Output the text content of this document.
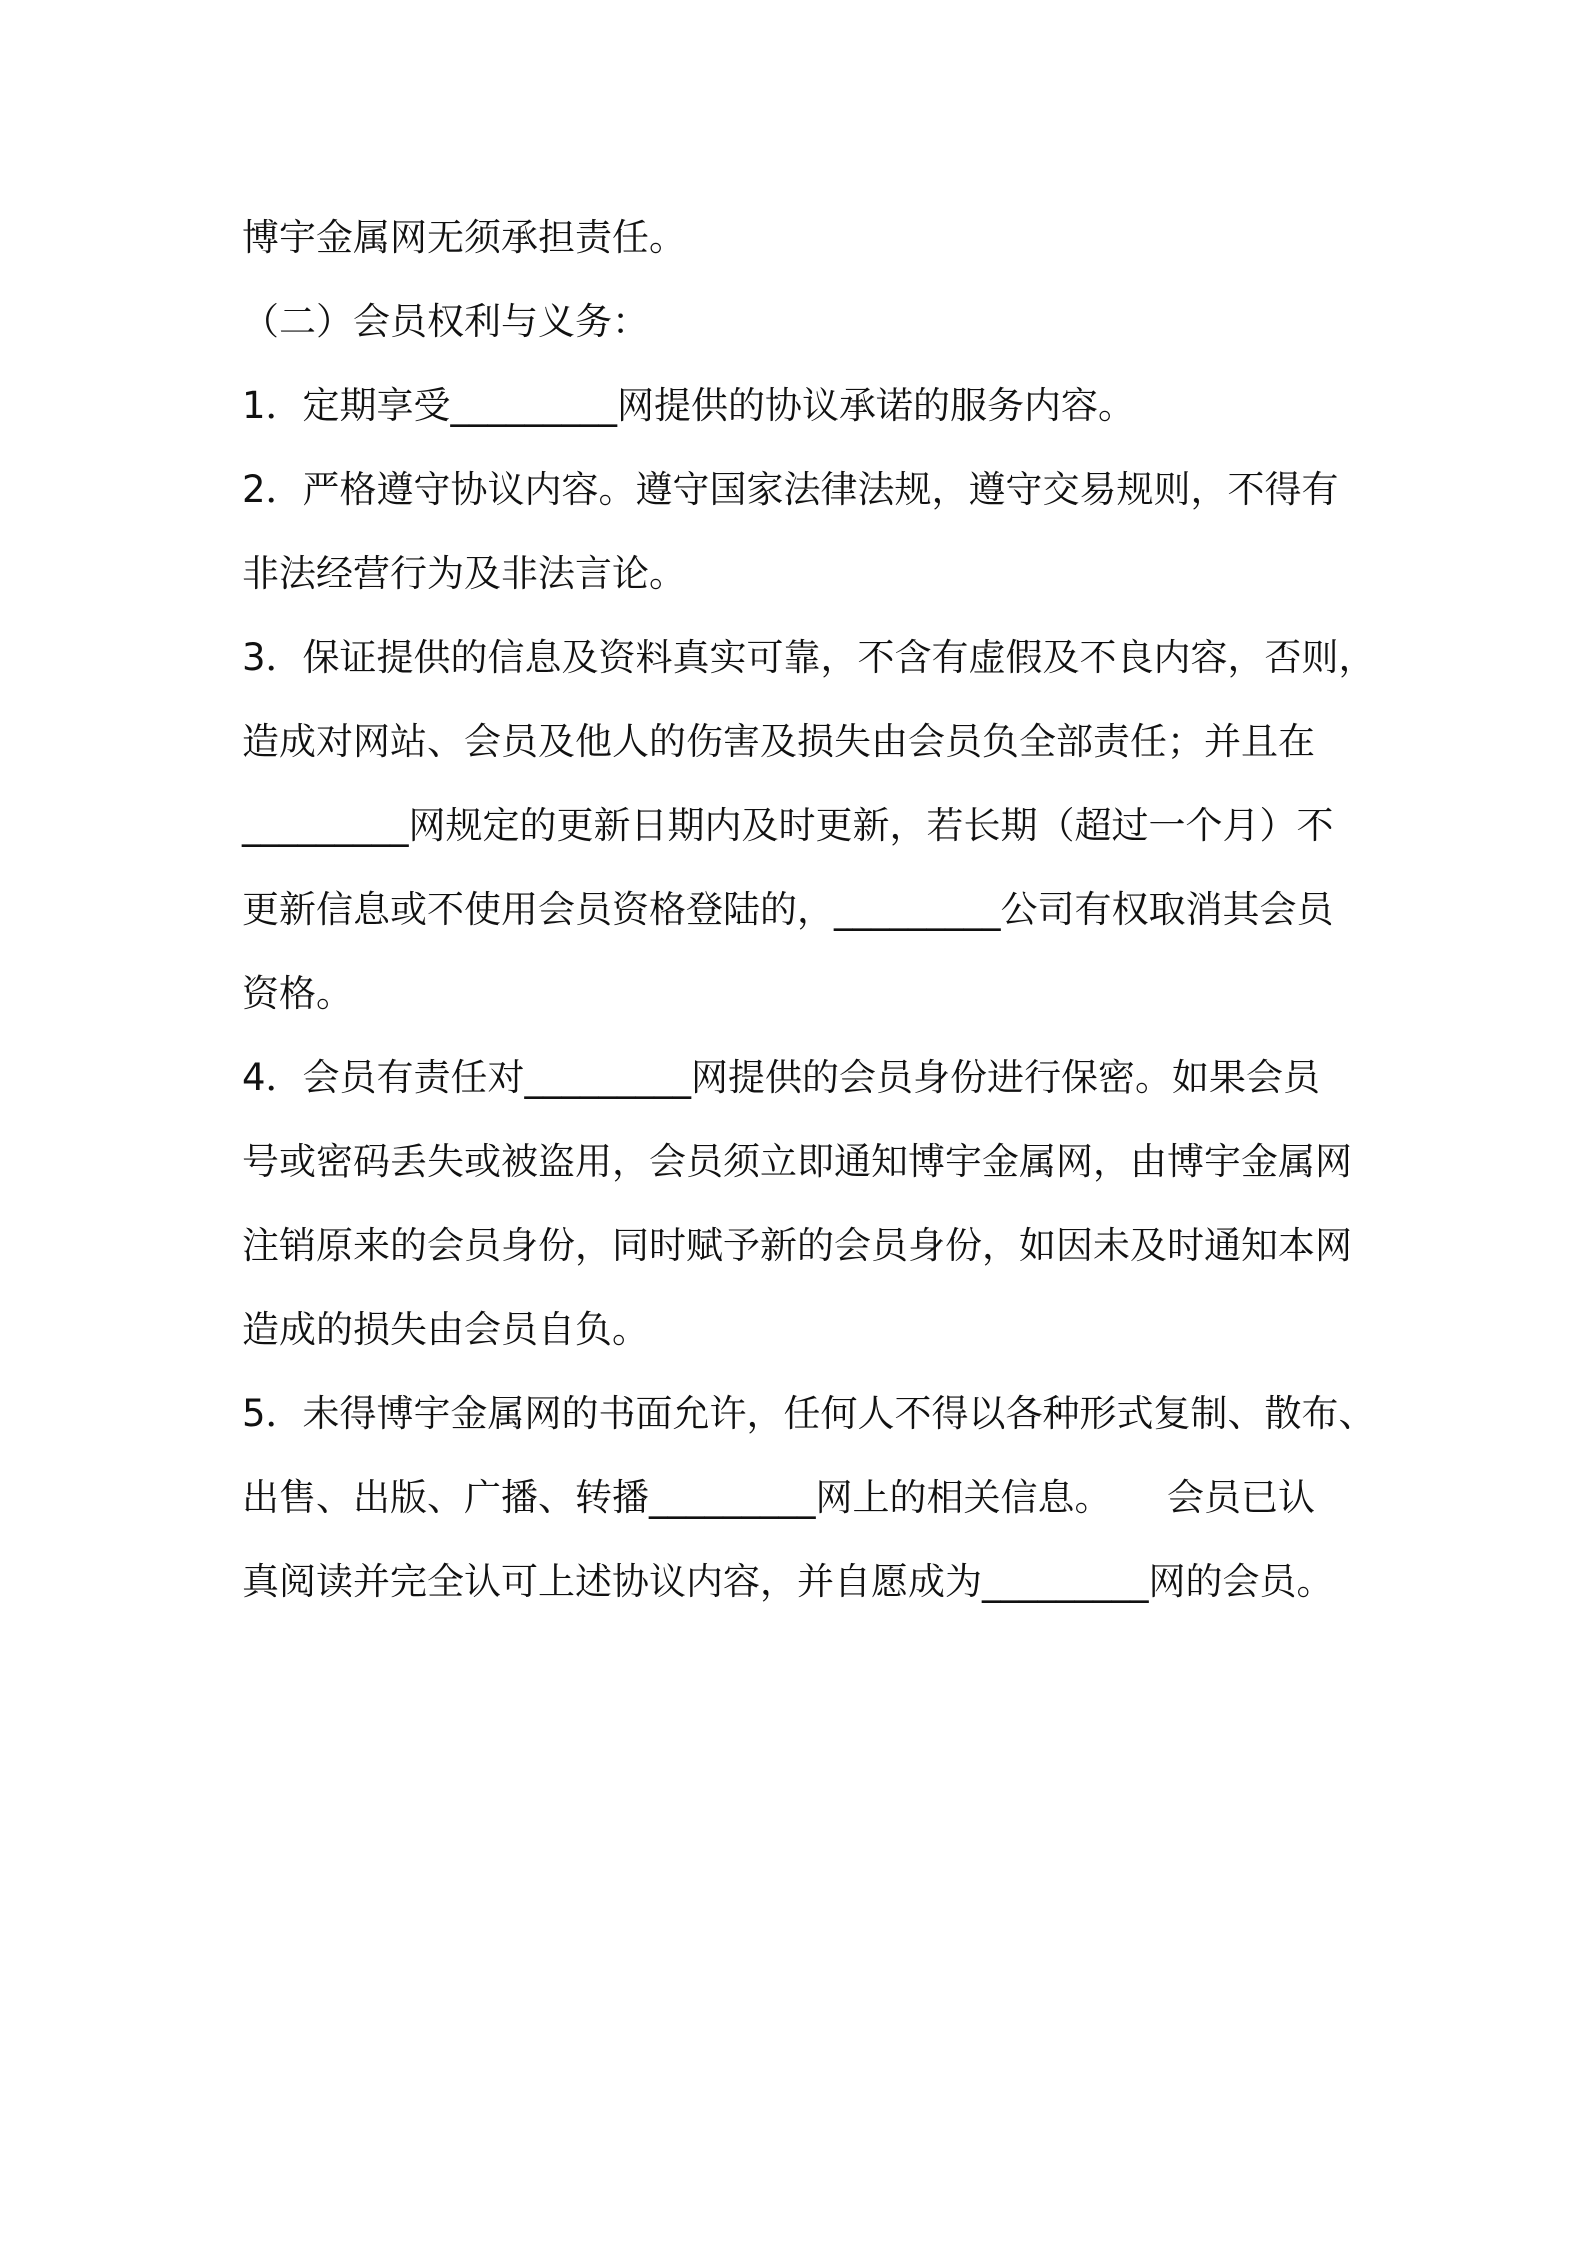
博宇金属网无须承担责任。
（二）会员权利与义务：
1．定期享受_________网提供的协议承诺的服务内容。
2．严格遵守协议内容。遵守国家法律法规，遵守交易规则，不得有
非法经营行为及非法言论。
3．保证提供的信息及资料真实可靠，不含有虚假及不良内容，否则，
造成对网站、会员及他人的伤害及损失由会员负全部责任；并且在
_________网规定的更新日期内及时更新，若长期（超过一个月）不
更新信息或不使用会员资格登陆的，_________公司有权取消其会员
资格。
4．会员有责任对_________网提供的会员身份进行保密。如果会员
号或密码丢失或被盗用，会员须立即通知博宇金属网，由博宇金属网
注销原来的会员身份，同时赋予新的会员身份，如因未及时通知本网
造成的损失由会员自负。
5．未得博宇金属网的书面允许，任何人不得以各种形式复制、散布、
出售、出版、广播、转播_________网上的相关信息。　　会员已认
真阅读并完全认可上述协议内容，并自愿成为_________网的会员。
